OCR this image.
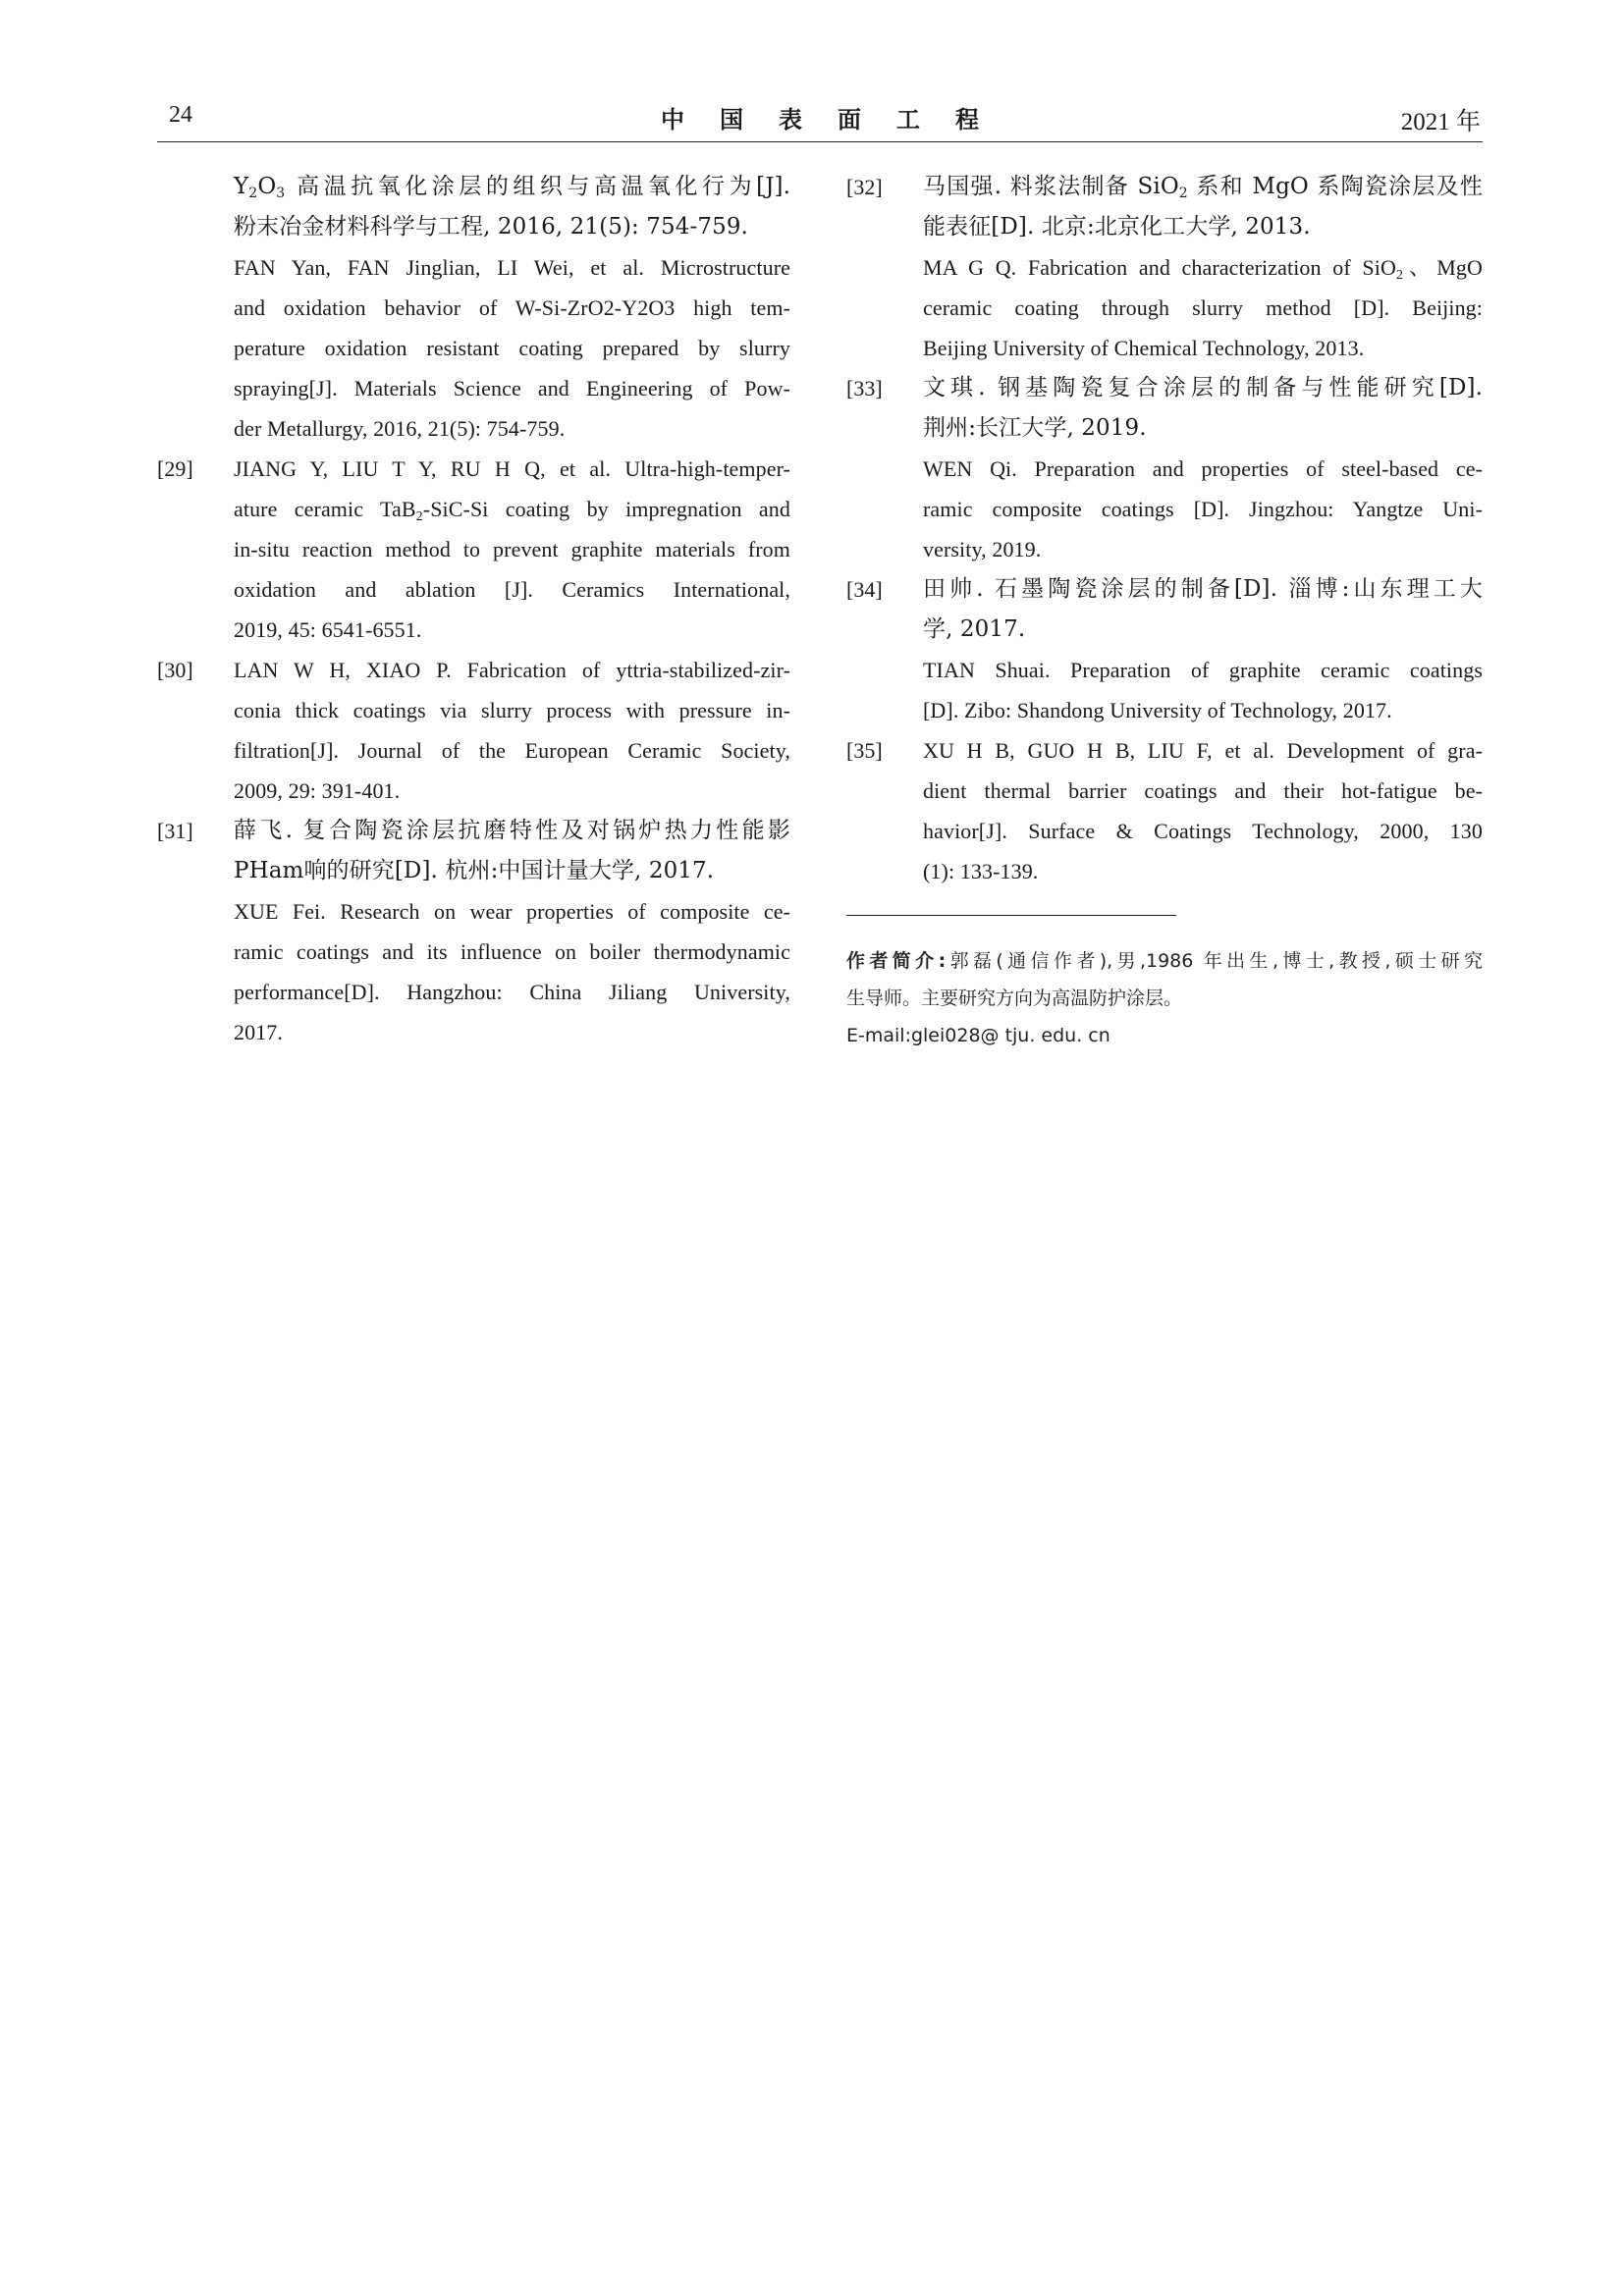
24	中国表面工程	2021 年
$Y_2O_3$ 高温抗氧化涂层的组织与高温氧化行为[J].
粉末冶金材料科学与工程, 2016, 21(5): 754-759.
FAN Yan, FAN Jinglian, LI Wei, et al. Microstructure
and oxidation behavior of W-Si-ZrO2-Y2O3 high tem-
perature oxidation resistant coating prepared by slurry
spraying[J]. Materials Science and Engineering of Pow-
der Metallurgy, 2016, 21(5): 754-759.
[29] JIANG Y, LIU T Y, RU H Q, et al. Ultra-high-temper-
ature ceramic TaB$_2$-SiC-Si coating by impregnation and
in-situ reaction method to prevent graphite materials from
oxidation and ablation [J]. Ceramics International,
2019, 45: 6541-6551.
[30] LAN W H, XIAO P. Fabrication of yttria-stabilized-zir-
conia thick coatings via slurry process with pressure in-
filtration[J]. Journal of the European Ceramic Society,
2009, 29: 391-401.
[31] 薛飞. 复合陶瓷涂层抗磨特性及对锅炉热力性能影
PHam响的研究[D]. 杭州:中国计量大学, 2017.
XUE Fei. Research on wear properties of composite ce-
ramic coatings and its influence on boiler thermodynamic
performance[D]. Hangzhou: China Jiliang University,
2017.
[32] 马国强. 料浆法制备 SiO$_2$ 系和 MgO 系陶瓷涂层及性
能表征[D]. 北京:北京化工大学, 2013.
MA G Q. Fabrication and characterization of SiO$_2$、MgO
ceramic coating through slurry method [D]. Beijing:
Beijing University of Chemical Technology, 2013.
[33] 文琪. 钢基陶瓷复合涂层的制备与性能研究[D].
荆州:长江大学, 2019.
WEN Qi. Preparation and properties of steel-based ce-
ramic composite coatings [D]. Jingzhou: Yangtze Uni-
versity, 2019.
[34] 田帅. 石墨陶瓷涂层的制备[D]. 淄博:山东理工大
学, 2017.
TIAN Shuai. Preparation of graphite ceramic coatings
[D]. Zibo: Shandong University of Technology, 2017.
[35] XU H B, GUO H B, LIU F, et al. Development of gra-
dient thermal barrier coatings and their hot-fatigue be-
havior[J]. Surface & Coatings Technology, 2000, 130
(1): 133-139.
作者简介:郭磊(通信作者),男,1986 年出生,博士,教授,硕士研究
生导师。主要研究方向为高温防护涂层。
E-mail:glei028@ tju. edu. cn
